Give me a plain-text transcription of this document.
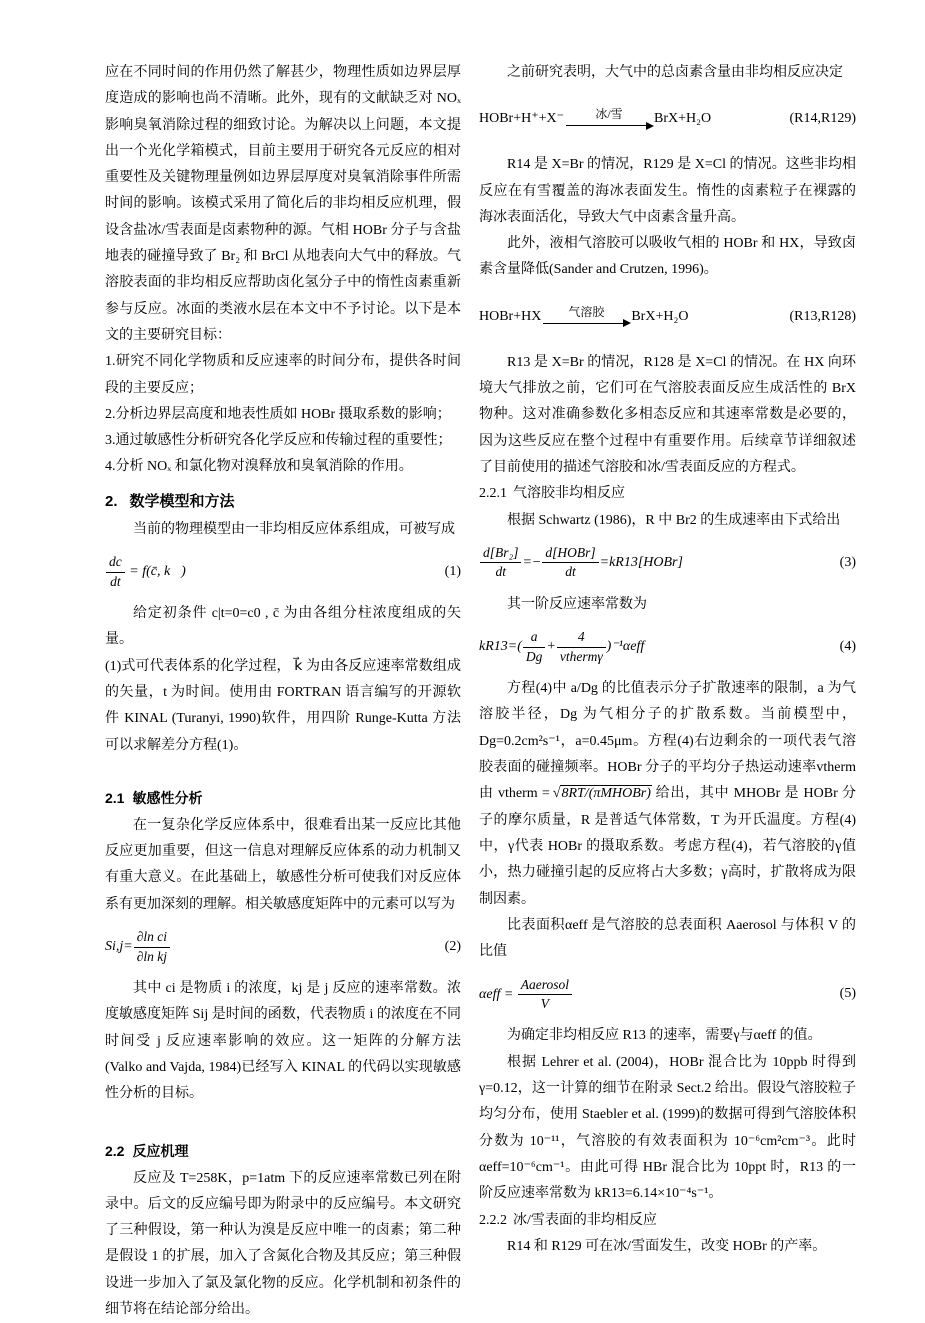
应在不同时间的作用仍然了解甚少，物理性质如边界层厚度造成的影响也尚不清晰。此外，现有的文献缺乏对 NOₓ 影响臭氧消除过程的细致讨论。为解决以上问题，本文提出一个光化学箱模式，目前主要用于研究各元反应的相对重要性及关键物理量例如边界层厚度对臭氧消除事件所需时间的影响。该模式采用了简化后的非均相反应机理，假设含盐冰/雪表面是卤素物种的源。气相 HOBr 分子与含盐地表的碰撞导致了 Br₂ 和 BrCl 从地表向大气中的释放。气溶胶表面的非均相反应帮助卤化氢分子中的惰性卤素重新参与反应。冰面的类液水层在本文中不予讨论。以下是本文的主要研究目标：

1.研究不同化学物质和反应速率的时间分布，提供各时间段的主要反应；

2.分析边界层高度和地表性质如 HOBr 摄取系数的影响；

3.通过敏感性分析研究各化学反应和传输过程的重要性；

4.分析 NOₓ 和氯化物对溴释放和臭氧消除的作用。

2. 数学模型和方法

当前的物理模型由一非均相反应体系组成，可被写成

$\frac{dc}{dt}$ = f(c̄, k⃗)	(1)

给定初条件 c|t=0=c0 , c̄ 为由各组分柱浓度组成的矢量。

(1)式可代表体系的化学过程， k⃗ 为由各反应速率常数组成的矢量，t 为时间。使用由 FORTRAN 语言编写的开源软件 KINAL (Turanyi, 1990)软件，用四阶 Runge-Kutta 方法可以求解差分方程(1)。

2.1 敏感性分析

在一复杂化学反应体系中，很难看出某一反应比其他反应更加重要，但这一信息对理解反应体系的动力机制又有重大意义。在此基础上，敏感性分析可使我们对反应体系有更加深刻的理解。相关敏感度矩阵中的元素可以写为

$Si,j= \frac{\text{∂ln ci}}{\text{∂ln kj}}$	(2)

其中 ci 是物质 i 的浓度，kj 是 j 反应的速率常数。浓度敏感度矩阵 Sij 是时间的函数，代表物质 i 的浓度在不同时间受 j 反应速率影响的效应。这一矩阵的分解方法(Valko and Vajda, 1984)已经写入 KINAL 的代码以实现敏感性分析的目标。

2.2 反应机理

反应及 T=258K，p=1atm 下的反应速率常数已列在附录中。后文的反应编号即为附录中的反应编号。本文研究了三种假设，第一种认为溴是反应中唯一的卤素；第二种是假设 1 的扩展，加入了含氮化合物及其反应；第三种假设进一步加入了氯及氯化物的反应。化学机制和初条件的细节将在结论部分给出。

之前研究表明，大气中的总卤素含量由非均相反应决定

HOBr+H⁺+X⁻	冰/雪 BrX+H₂O	(R14,R129)

R14 是 X=Br 的情况，R129 是 X=Cl 的情况。这些非均相反应在有雪覆盖的海冰表面发生。惰性的卤素粒子在裸露的海冰表面活化，导致大气中卤素含量升高。

此外，液相气溶胶可以吸收气相的 HOBr 和 HX，导致卤素含量降低(Sander and Crutzen, 1996)。

HOBr+HX 气溶胶 BrX+H₂O	(R13,R128)

R13 是 X=Br 的情况，R128 是 X=Cl 的情况。在 HX 向环境大气排放之前，它们可在气溶胶表面反应生成活性的 BrX 物种。这对准确参数化多相态反应和其速率常数是必要的，因为这些反应在整个过程中有重要作用。后续章节详细叙述了目前使用的描述气溶胶和冰/雪表面反应的方程式。

2.2.1 气溶胶非均相反应

根据 Schwartz (1986)，R 中 Br2 的生成速率由下式给出

$\frac{\text{d[Br₂]}}{dt} =- \frac{\text{d[HOBr]}}{dt}$ =kR13[HOBr]	(3)

其一阶反应速率常数为

$kR13=( \frac{a}{Dg} + \frac{4}{\text{vthermγ}} )^{-1}\alpha eff$	(4)

方程(4)中 a/Dg 的比值表示分子扩散速率的限制，a 为气溶胶半径，Dg 为气相分子的扩散系数。当前模型中，Dg=0.2cm²s⁻¹，a=0.45μm。方程(4)右边剩余的一项代表气溶胶表面的碰撞频率。HOBr 分子的平均分子热运动速率vtherm由 vtherm = √8RT/(πMHOBr) 给出，其中 MHOBr 是 HOBr 分子的摩尔质量，R 是普适气体常数，T 为开氏温度。方程(4)中，γ代表 HOBr 的摄取系数。考虑方程(4)，若气溶胶的γ值小，热力碰撞引起的反应将占大多数；γ高时，扩散将成为限制因素。

比表面积αeff 是气溶胶的总表面积 Aaerosol 与体积 V 的比值

$\alpha eff = \frac{\text{Aaerosol}}{V}$	(5)

为确定非均相反应 R13 的速率，需要γ与αeff 的值。

根据 Lehrer et al. (2004)，HOBr 混合比为 10ppb 时得到γ=0.12，这一计算的细节在附录 Sect.2 给出。假设气溶胶粒子均匀分布，使用 Staebler et al. (1999)的数据可得到气溶胶体积分数为 10⁻¹¹，气溶胶的有效表面积为 10⁻⁶cm²cm⁻³。此时αeff=10⁻⁶cm⁻¹。由此可得 HBr 混合比为 10ppt 时，R13 的一阶反应速率常数为 kR13=6.14×10⁻⁴s⁻¹。

2.2.2 冰/雪表面的非均相反应

R14 和 R129 可在冰/雪面发生，改变 HOBr 的产率。
